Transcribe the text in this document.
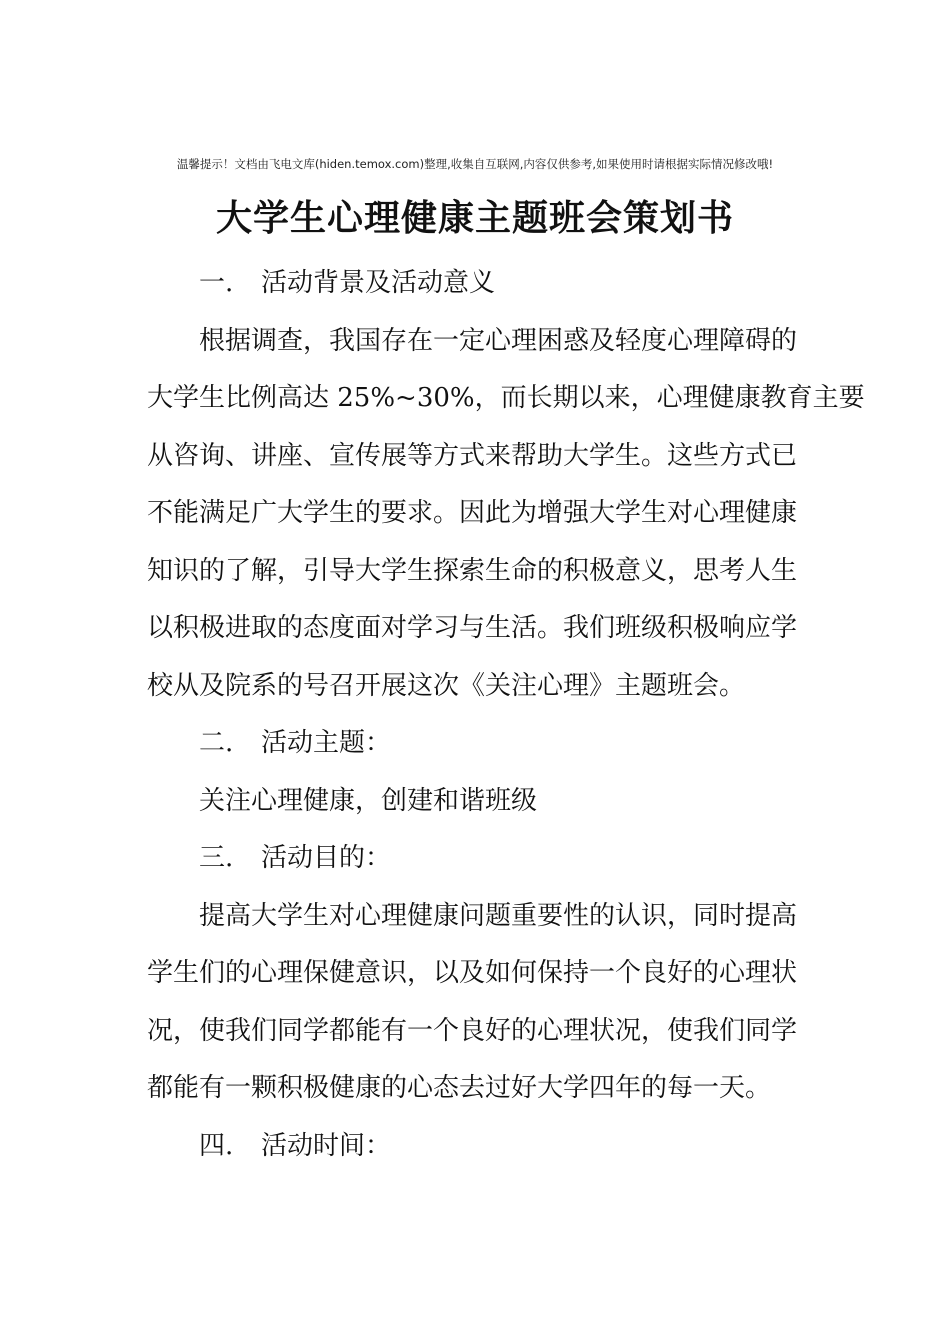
温馨提示！文档由飞电文库(hiden.temox.com)整理,收集自互联网,内容仅供参考,如果使用时请根据实际情况修改哦!
大学生心理健康主题班会策划书
一. 活动背景及活动意义
根据调查，我国存在一定心理困惑及轻度心理障碍的
大学生比例高达 25%~30%，而长期以来，心理健康教育主要
从咨询、讲座、宣传展等方式来帮助大学生。这些方式已
不能满足广大学生的要求。因此为增强大学生对心理健康
知识的了解，引导大学生探索生命的积极意义，思考人生
以积极进取的态度面对学习与生活。我们班级积极响应学
校从及院系的号召开展这次《关注心理》主题班会。
二. 活动主题：
关注心理健康，创建和谐班级
三. 活动目的：
提高大学生对心理健康问题重要性的认识，同时提高
学生们的心理保健意识，以及如何保持一个良好的心理状
况，使我们同学都能有一个良好的心理状况，使我们同学
都能有一颗积极健康的心态去过好大学四年的每一天。
四. 活动时间：
